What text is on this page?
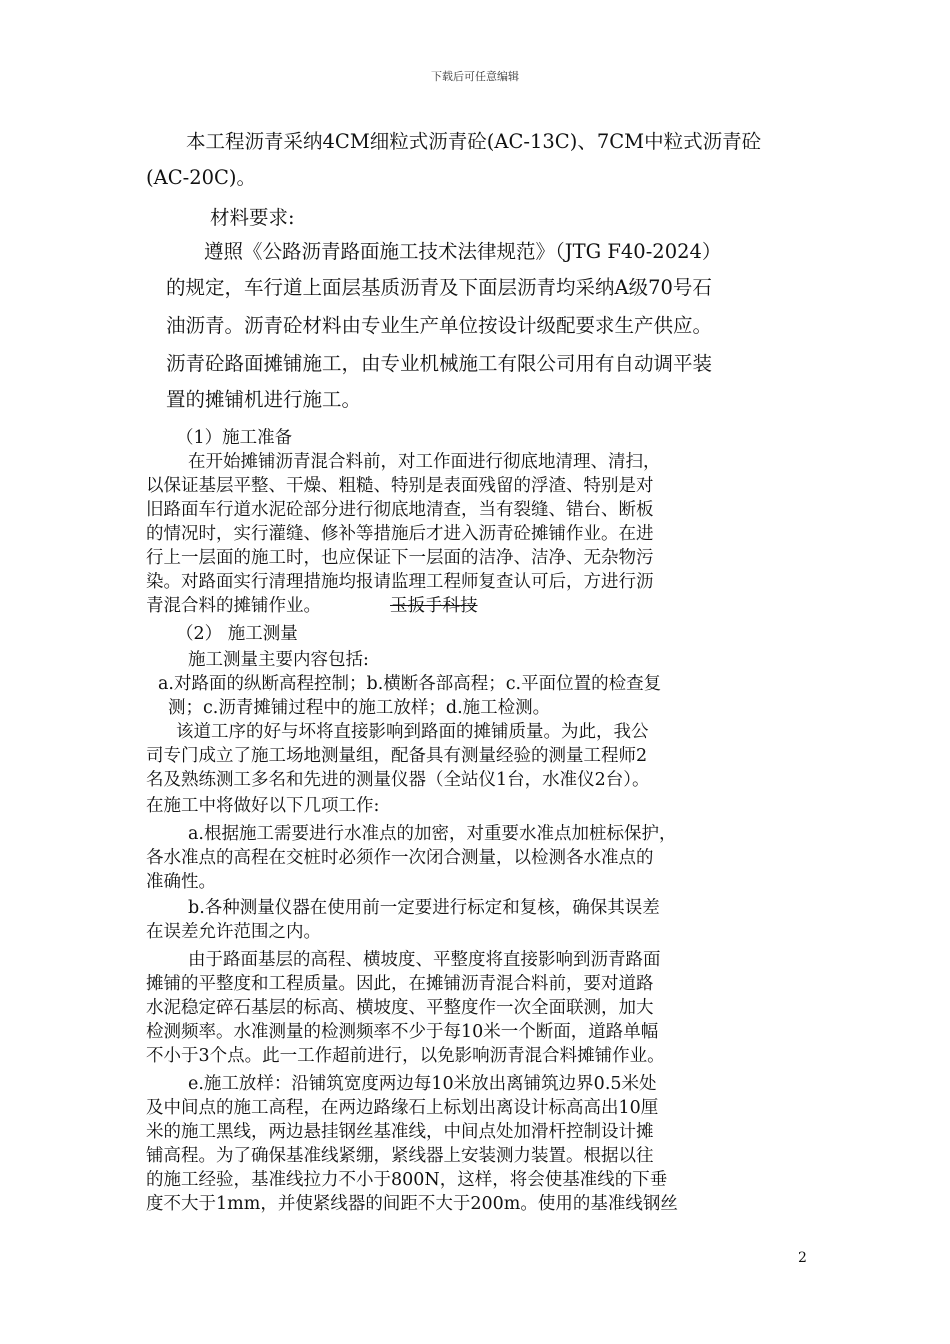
下载后可任意编辑
本工程沥青采纳4CM细粒式沥青砼(AC-13C)、7CM中粒式沥青砼
(AC-20C)。
材料要求:
遵照《公路沥青路面施工技术法律规范》（JTG F40-2024）
的规定，车行道上面层基质沥青及下面层沥青均采纳A级70号石
油沥青。沥青砼材料由专业生产单位按设计级配要求生产供应。
沥青砼路面摊铺施工，由专业机械施工有限公司用有自动调平装
置的摊铺机进行施工。
（1）施工准备
在开始摊铺沥青混合料前，对工作面进行彻底地清理、清扫，
以保证基层平整、干燥、粗糙、特别是表面残留的浮渣、特别是对
旧路面车行道水泥砼部分进行彻底地清查，当有裂缝、错台、断板
的情况时，实行灌缝、修补等措施后才进入沥青砼摊铺作业。在进
行上一层面的施工时，也应保证下一层面的洁净、洁净、无杂物污
染。对路面实行清理措施均报请监理工程师复查认可后，方进行沥
青混合料的摊铺作业。	玉扳手科技
（2） 施工测量
施工测量主要内容包括:
a.对路面的纵断高程控制；b.横断各部高程；c.平面位置的检查复
测；c.沥青摊铺过程中的施工放样；d.施工检测。
该道工序的好与坏将直接影响到路面的摊铺质量。为此，我公
司专门成立了施工场地测量组，配备具有测量经验的测量工程师2
名及熟练测工多名和先进的测量仪器（全站仪1台，水准仪2台）。
在施工中将做好以下几项工作:
a.根据施工需要进行水准点的加密，对重要水准点加桩标保护，
各水准点的高程在交桩时必须作一次闭合测量，以检测各水准点的
准确性。
b.各种测量仪器在使用前一定要进行标定和复核，确保其误差
在误差允许范围之内。
由于路面基层的高程、横坡度、平整度将直接影响到沥青路面
摊铺的平整度和工程质量。因此，在摊铺沥青混合料前，要对道路
水泥稳定碎石基层的标高、横坡度、平整度作一次全面联测，加大
检测频率。水准测量的检测频率不少于每10米一个断面，道路单幅
不小于3个点。此一工作超前进行，以免影响沥青混合料摊铺作业。
e.施工放样：沿铺筑宽度两边每10米放出离铺筑边界0.5米处
及中间点的施工高程，在两边路缘石上标划出离设计标高高出10厘
米的施工黑线，两边悬挂钢丝基准线，中间点处加滑杆控制设计摊
铺高程。为了确保基准线紧绷，紧线器上安装测力装置。根据以往
的施工经验，基准线拉力不小于800N，这样，将会使基准线的下垂
度不大于1mm，并使紧线器的间距不大于200m。使用的基准线钢丝
2
